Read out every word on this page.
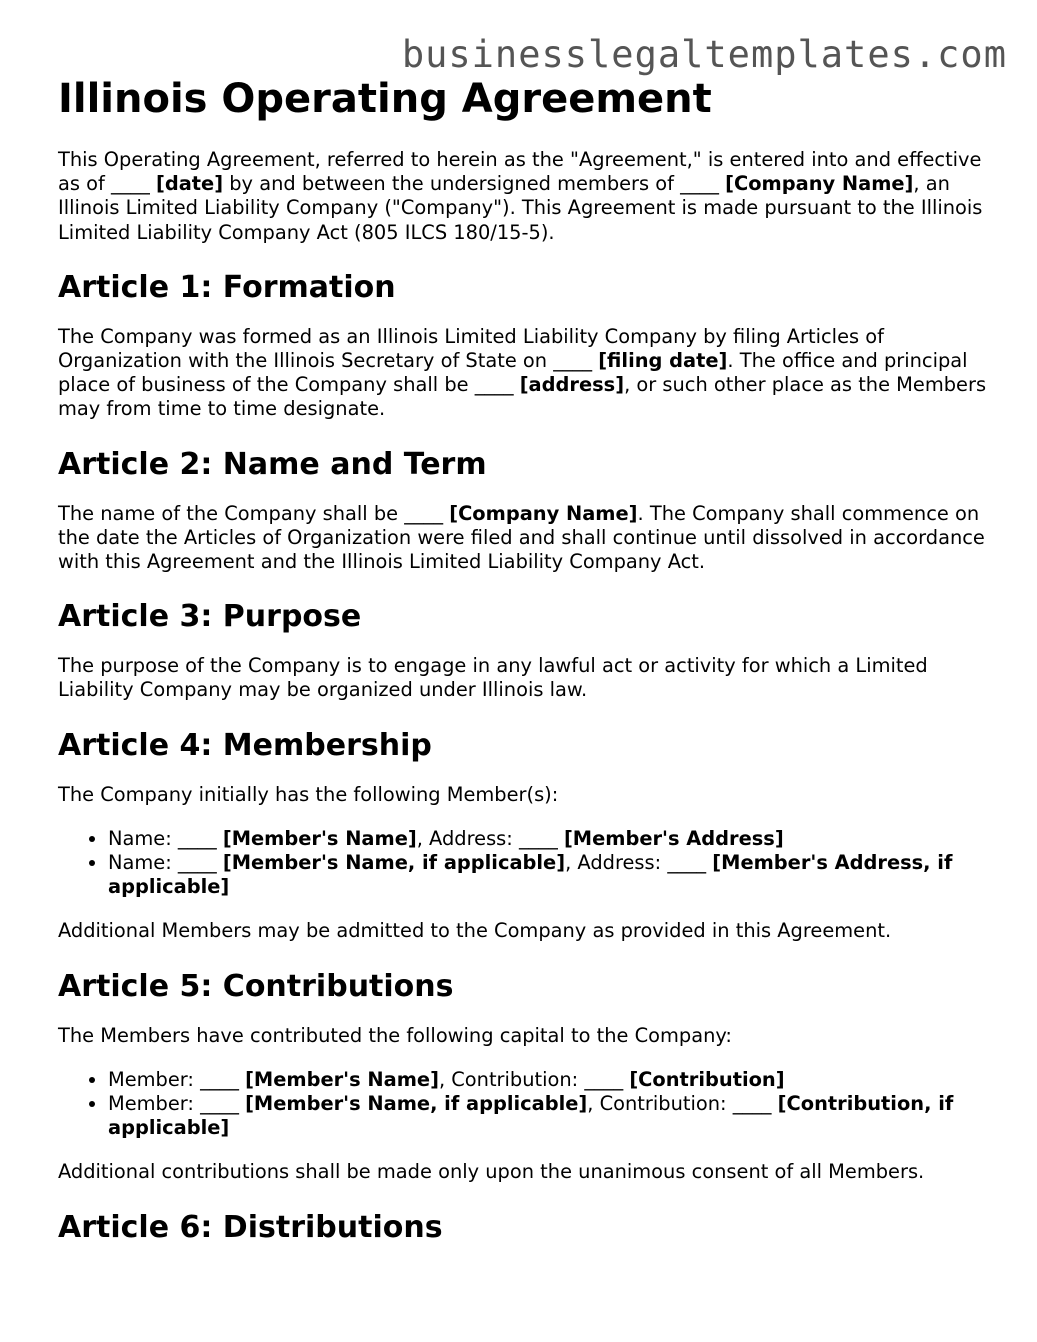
businesslegaltemplates.com
Illinois Operating Agreement

This Operating Agreement, referred to herein as the "Agreement," is entered into and effective as of ____ [date] by and between the undersigned members of ____ [Company Name], an Illinois Limited Liability Company ("Company"). This Agreement is made pursuant to the Illinois Limited Liability Company Act (805 ILCS 180/15-5).

Article 1: Formation

The Company was formed as an Illinois Limited Liability Company by filing Articles of Organization with the Illinois Secretary of State on ____ [filing date]. The office and principal place of business of the Company shall be ____ [address], or such other place as the Members may from time to time designate.

Article 2: Name and Term

The name of the Company shall be ____ [Company Name]. The Company shall commence on the date the Articles of Organization were filed and shall continue until dissolved in accordance with this Agreement and the Illinois Limited Liability Company Act.

Article 3: Purpose

The purpose of the Company is to engage in any lawful act or activity for which a Limited Liability Company may be organized under Illinois law.

Article 4: Membership

The Company initially has the following Member(s):

• Name: ____ [Member's Name], Address: ____ [Member's Address]
• Name: ____ [Member's Name, if applicable], Address: ____ [Member's Address, if applicable]

Additional Members may be admitted to the Company as provided in this Agreement.

Article 5: Contributions

The Members have contributed the following capital to the Company:

• Member: ____ [Member's Name], Contribution: ____ [Contribution]
• Member: ____ [Member's Name, if applicable], Contribution: ____ [Contribution, if applicable]

Additional contributions shall be made only upon the unanimous consent of all Members.

Article 6: Distributions
